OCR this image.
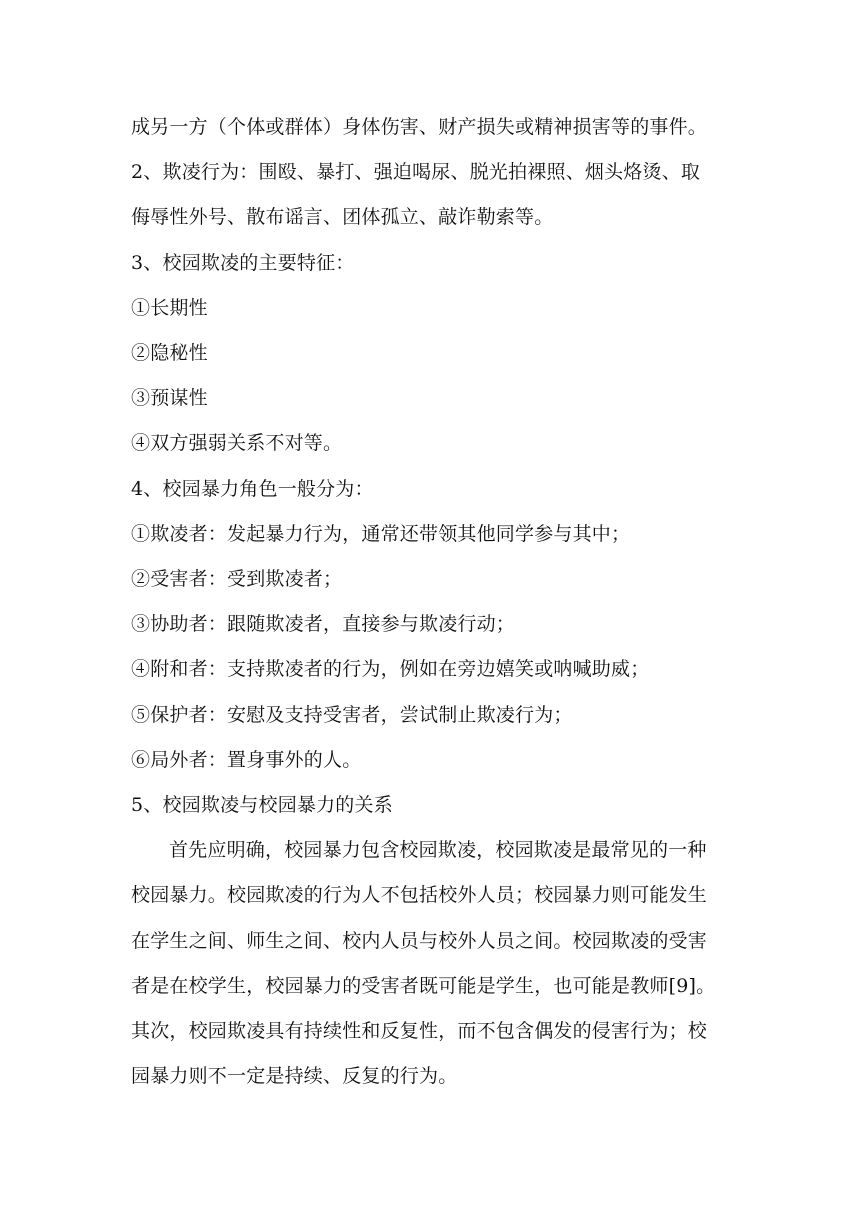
成另一方（个体或群体）身体伤害、财产损失或精神损害等的事件。
2、欺凌行为：围殴、暴打、强迫喝尿、脱光拍裸照、烟头烙烫、取
侮辱性外号、散布谣言、团体孤立、敲诈勒索等。
3、校园欺凌的主要特征：
①长期性
②隐秘性
③预谋性
④双方强弱关系不对等。
4、校园暴力角色一般分为：
①欺凌者：发起暴力行为，通常还带领其他同学参与其中；
②受害者：受到欺凌者；
③协助者：跟随欺凌者，直接参与欺凌行动；
④附和者：支持欺凌者的行为，例如在旁边嬉笑或呐喊助威；
⑤保护者：安慰及支持受害者，尝试制止欺凌行为；
⑥局外者：置身事外的人。
5、校园欺凌与校园暴力的关系
首先应明确，校园暴力包含校园欺凌，校园欺凌是最常见的一种
校园暴力。校园欺凌的行为人不包括校外人员；校园暴力则可能发生
在学生之间、师生之间、校内人员与校外人员之间。校园欺凌的受害
者是在校学生，校园暴力的受害者既可能是学生，也可能是教师[9]。
其次，校园欺凌具有持续性和反复性，而不包含偶发的侵害行为；校
园暴力则不一定是持续、反复的行为。
